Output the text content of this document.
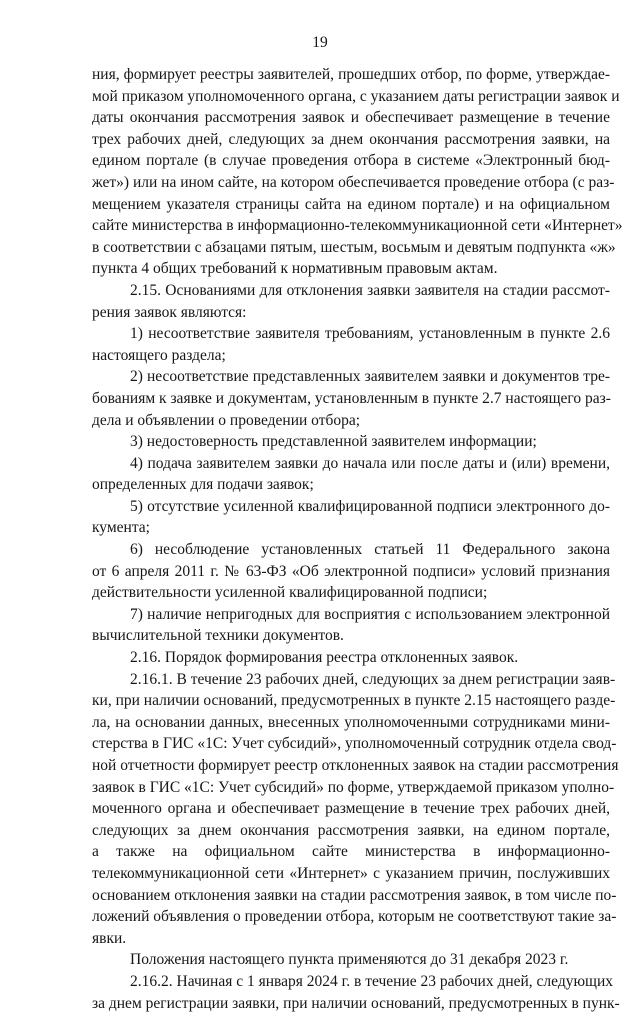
19
ния, формирует реестры заявителей, прошедших отбор, по форме, утверждае-
мой приказом уполномоченного органа, с указанием даты регистрации заявок и
даты окончания рассмотрения заявок и обеспечивает размещение в течение
трех рабочих дней, следующих за днем окончания рассмотрения заявки, на
едином портале (в случае проведения отбора в системе «Электронный бюд-
жет») или на ином сайте, на котором обеспечивается проведение отбора (с раз-
мещением указателя страницы сайта на едином портале) и на официальном
сайте министерства в информационно-телекоммуникационной сети «Интернет»
в соответствии с абзацами пятым, шестым, восьмым и девятым подпункта «ж»
пункта 4 общих требований к нормативным правовым актам.
2.15. Основаниями для отклонения заявки заявителя на стадии рассмот-
рения заявок являются:
1) несоответствие заявителя требованиям, установленным в пункте 2.6
настоящего раздела;
2) несоответствие представленных заявителем заявки и документов тре-
бованиям к заявке и документам, установленным в пункте 2.7 настоящего раз-
дела и объявлении о проведении отбора;
3) недостоверность представленной заявителем информации;
4) подача заявителем заявки до начала или после даты и (или) времени,
определенных для подачи заявок;
5) отсутствие усиленной квалифицированной подписи электронного до-
кумента;
6) несоблюдение установленных статьей 11 Федерального закона
от 6 апреля 2011 г. № 63-ФЗ «Об электронной подписи» условий признания
действительности усиленной квалифицированной подписи;
7) наличие непригодных для восприятия с использованием электронной
вычислительной техники документов.
2.16. Порядок формирования реестра отклоненных заявок.
2.16.1. В течение 23 рабочих дней, следующих за днем регистрации заяв-
ки, при наличии оснований, предусмотренных в пункте 2.15 настоящего разде-
ла, на основании данных, внесенных уполномоченными сотрудниками мини-
стерства в ГИС «1С: Учет субсидий», уполномоченный сотрудник отдела свод-
ной отчетности формирует реестр отклоненных заявок на стадии рассмотрения
заявок в ГИС «1С: Учет субсидий» по форме, утверждаемой приказом уполно-
моченного органа и обеспечивает размещение в течение трех рабочих дней,
следующих за днем окончания рассмотрения заявки, на едином портале,
а также на официальном сайте министерства в информационно-
телекоммуникационной сети «Интернет» с указанием причин, послуживших
основанием отклонения заявки на стадии рассмотрения заявок, в том числе по-
ложений объявления о проведении отбора, которым не соответствуют такие за-
явки.
Положения настоящего пункта применяются до 31 декабря 2023 г.
2.16.2. Начиная с 1 января 2024 г. в течение 23 рабочих дней, следующих
за днем регистрации заявки, при наличии оснований, предусмотренных в пунк-
